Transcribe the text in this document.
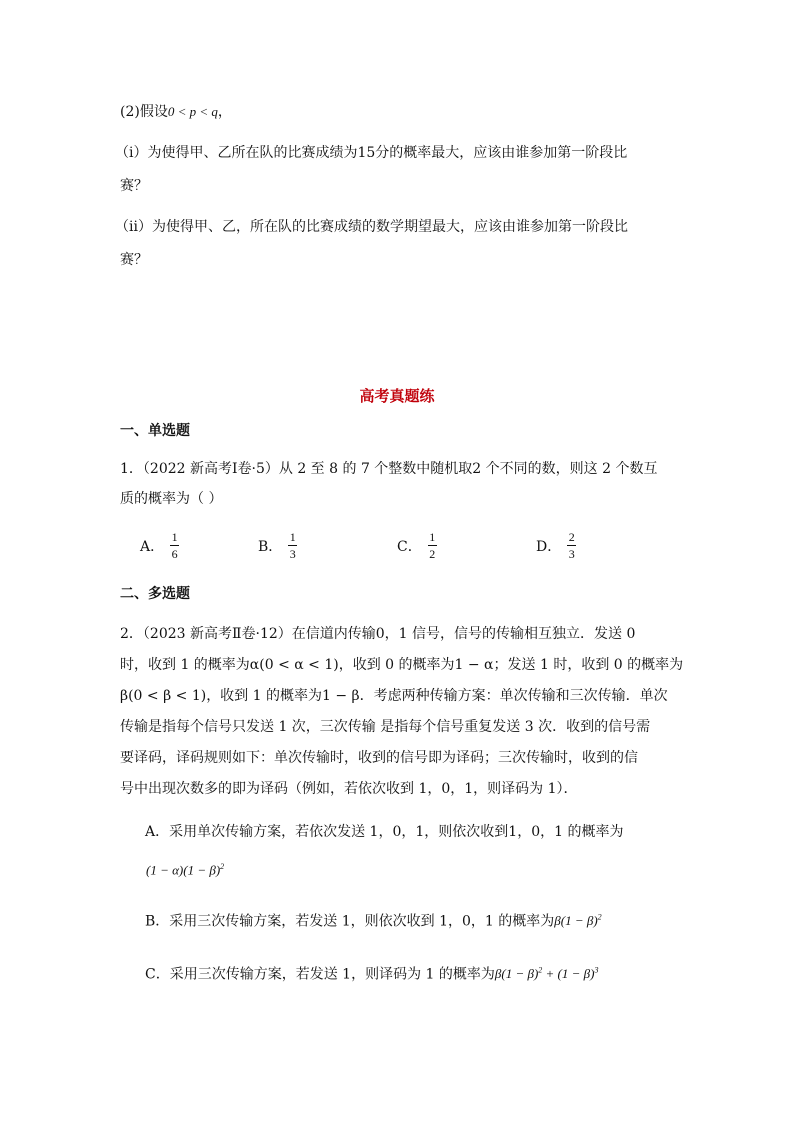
(2)假设0 < p < q，
（i）为使得甲、乙所在队的比赛成绩为15分的概率最大，应该由谁参加第一阶段比
赛？
（ii）为使得甲、乙，所在队的比赛成绩的数学期望最大，应该由谁参加第一阶段比
赛？
高考真题练
一、单选题
1．（2022 新高考Ⅰ卷·5）从 2 至 8 的 7 个整数中随机取2 个不同的数，则这 2 个数互
质的概率为（ ）
A． $\frac{1}{6}$	B． $\frac{1}{3}$	C． $\frac{1}{2}$	D． $\frac{2}{3}$
二、多选题
2．（2023 新高考Ⅱ卷·12）在信道内传输0，1 信号，信号的传输相互独立．发送 0
时，收到 1 的概率为α(0 < α < 1)，收到 0 的概率为1 − α；发送 1 时，收到 0 的概率为
β(0 < β < 1)，收到 1 的概率为1 − β．考虑两种传输方案：单次传输和三次传输．单次
传输是指每个信号只发送 1 次，三次传输 是指每个信号重复发送 3 次．收到的信号需
要译码，译码规则如下：单次传输时，收到的信号即为译码；三次传输时，收到的信
号中出现次数多的即为译码（例如，若依次收到 1，0，1，则译码为 1）．
A．采用单次传输方案，若依次发送 1，0，1，则依次收到1，0，1 的概率为
$(1 - \alpha)(1 - \beta)^2$
B．采用三次传输方案，若发送 1，则依次收到 1，0，1 的概率为$\beta(1 - \beta)^2$
C．采用三次传输方案，若发送 1，则译码为 1 的概率为$\beta(1 - \beta)^2 + (1 - \beta)^3$
